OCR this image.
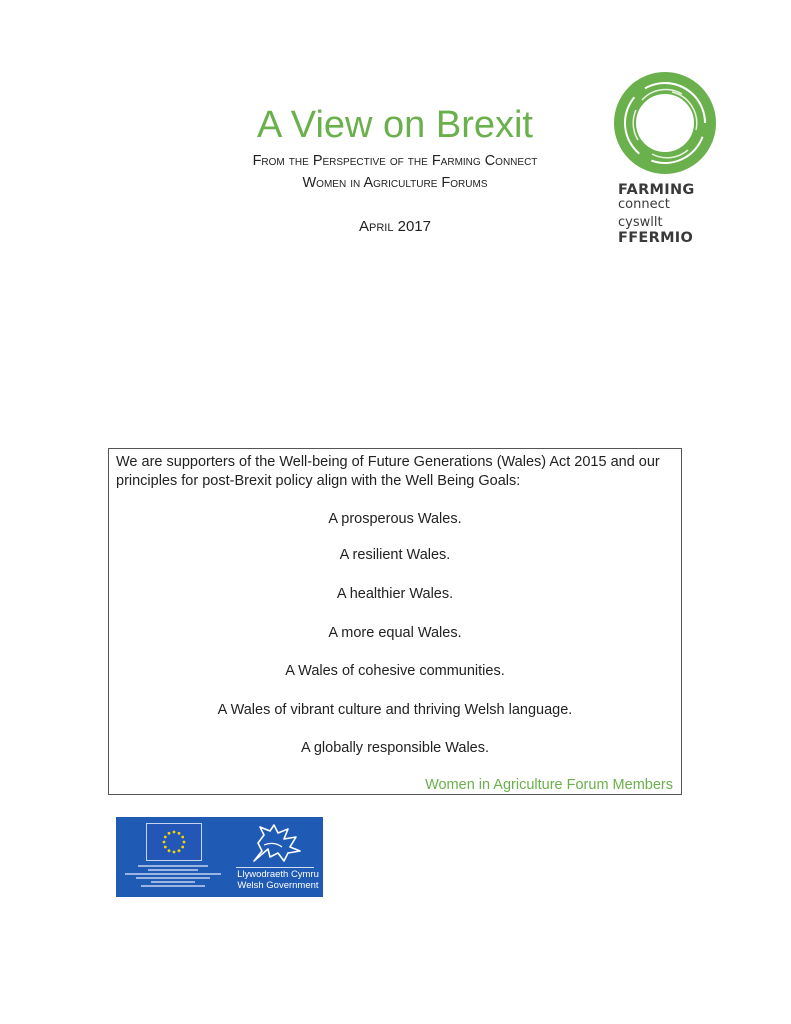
A View on Brexit
From the Perspective of the Farming Connect
Women in Agriculture Forums
April 2017
FARMING
connect
cyswllt
FFERMIO
We are supporters of the Well-being of Future Generations (Wales) Act 2015 and our principles for post-Brexit policy align with the Well Being Goals:
A prosperous Wales.
A resilient Wales.
A healthier Wales.
A more equal Wales.
A Wales of cohesive communities.
A Wales of vibrant culture and thriving Welsh language.
A globally responsible Wales.
Women in Agriculture Forum Members
Llywodraeth Cymru
Welsh Government
